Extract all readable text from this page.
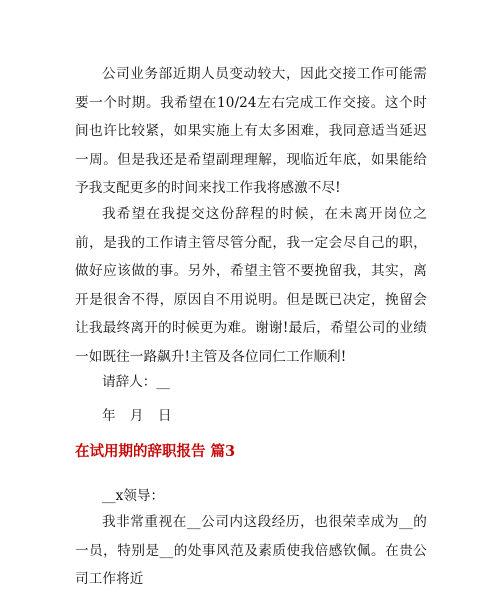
公司业务部近期人员变动较大，因此交接工作可能需要一个时期。我希望在10/24左右完成工作交接。这个时间也许比较紧，如果实施上有太多困难，我同意适当延迟一周。但是我还是希望副理理解，现临近年底，如果能给予我支配更多的时间来找工作我将感激不尽!

我希望在我提交这份辞程的时候，在未离开岗位之前，是我的工作请主管尽管分配，我一定会尽自己的职，做好应该做的事。另外，希望主管不要挽留我，其实，离开是很舍不得，原因自不用说明。但是既已决定，挽留会让我最终离开的时候更为难。谢谢!最后，希望公司的业绩一如既往一路飙升!主管及各位同仁工作顺利!

请辞人：__

年 月 日

在试用期的辞职报告 篇3

__x领导：

我非常重视在__公司内这段经历，也很荣幸成为__的一员，特别是__的处事风范及素质使我倍感钦佩。在贵公司工作将近
